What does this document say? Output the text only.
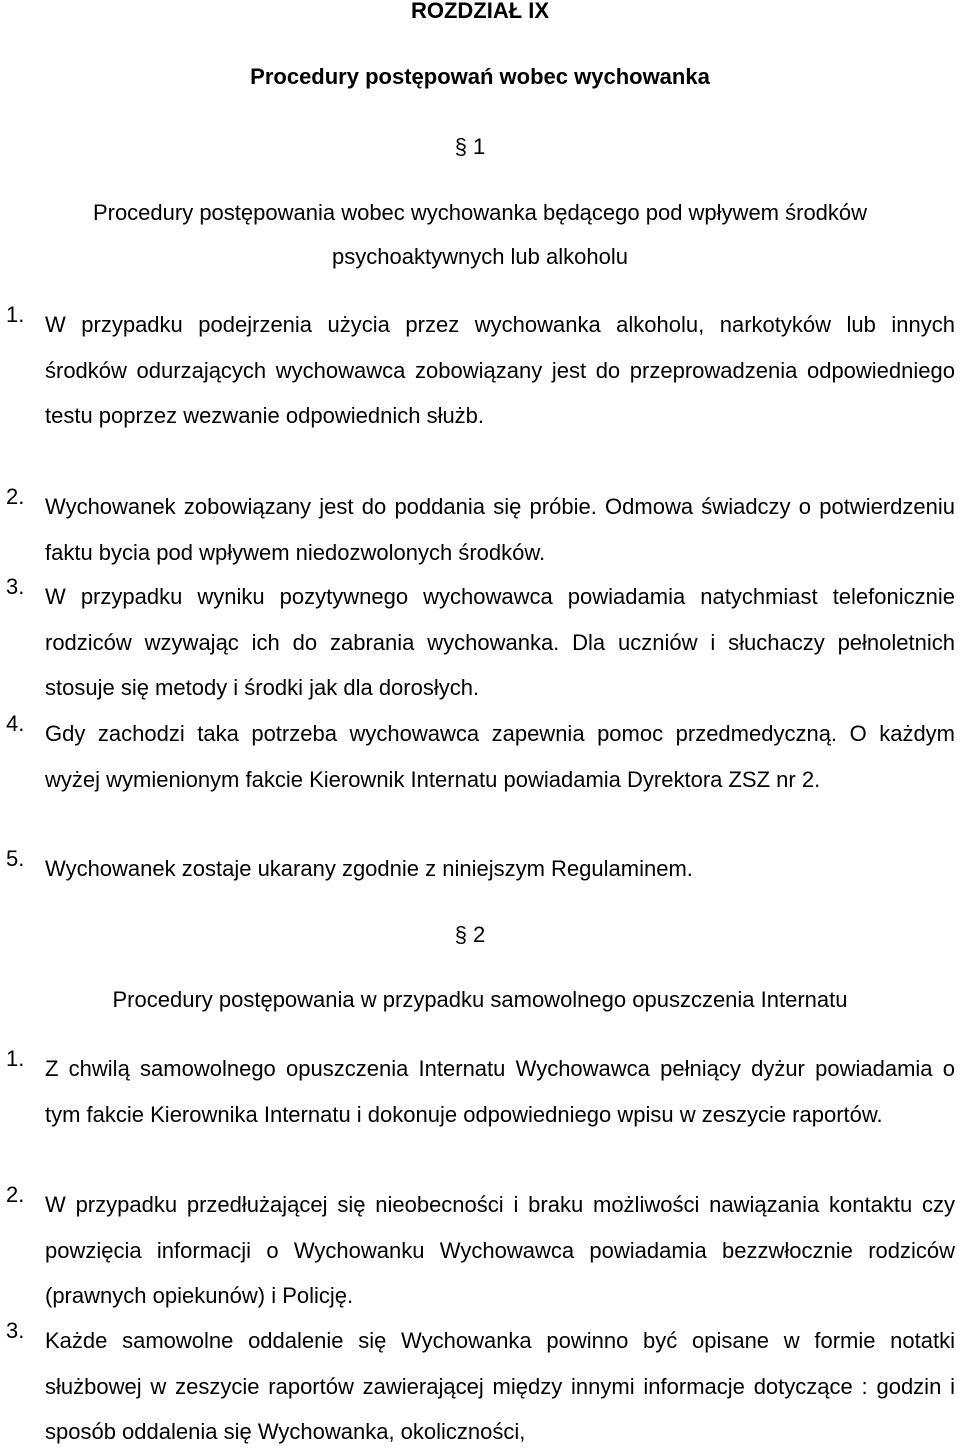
ROZDZIAŁ IX
Procedury postępowań wobec wychowanka
§ 1
Procedury postępowania wobec wychowanka będącego pod wpływem środków
psychoaktywnych lub alkoholu
1. W przypadku podejrzenia użycia przez wychowanka alkoholu, narkotyków lub innych środków odurzających wychowawca zobowiązany jest do przeprowadzenia odpowiedniego testu poprzez wezwanie odpowiednich służb.
2. Wychowanek zobowiązany jest do poddania się próbie. Odmowa świadczy o potwierdzeniu faktu bycia pod wpływem niedozwolonych środków.
3. W przypadku wyniku pozytywnego wychowawca powiadamia natychmiast telefonicznie rodziców wzywając ich do zabrania wychowanka. Dla uczniów i słuchaczy pełnoletnich stosuje się metody i środki jak dla dorosłych.
4. Gdy zachodzi taka potrzeba wychowawca zapewnia pomoc przedmedyczną. O każdym wyżej wymienionym fakcie Kierownik Internatu powiadamia Dyrektora ZSZ nr 2.
5. Wychowanek zostaje ukarany zgodnie z niniejszym Regulaminem.
§ 2
Procedury postępowania w przypadku samowolnego opuszczenia Internatu
1. Z chwilą samowolnego opuszczenia Internatu Wychowawca pełniący dyżur powiadamia o tym fakcie Kierownika Internatu i dokonuje odpowiedniego wpisu w zeszycie raportów.
2. W przypadku przedłużającej się nieobecności i braku możliwości nawiązania kontaktu czy powzięcia informacji o Wychowanku Wychowawca powiadamia bezzwłocznie rodziców (prawnych opiekunów) i Policję.
3. Każde samowolne oddalenie się Wychowanka powinno być opisane w formie notatki służbowej w zeszycie raportów zawierającej między innymi informacje dotyczące : godzin i sposób oddalenia się Wychowanka, okoliczności,
